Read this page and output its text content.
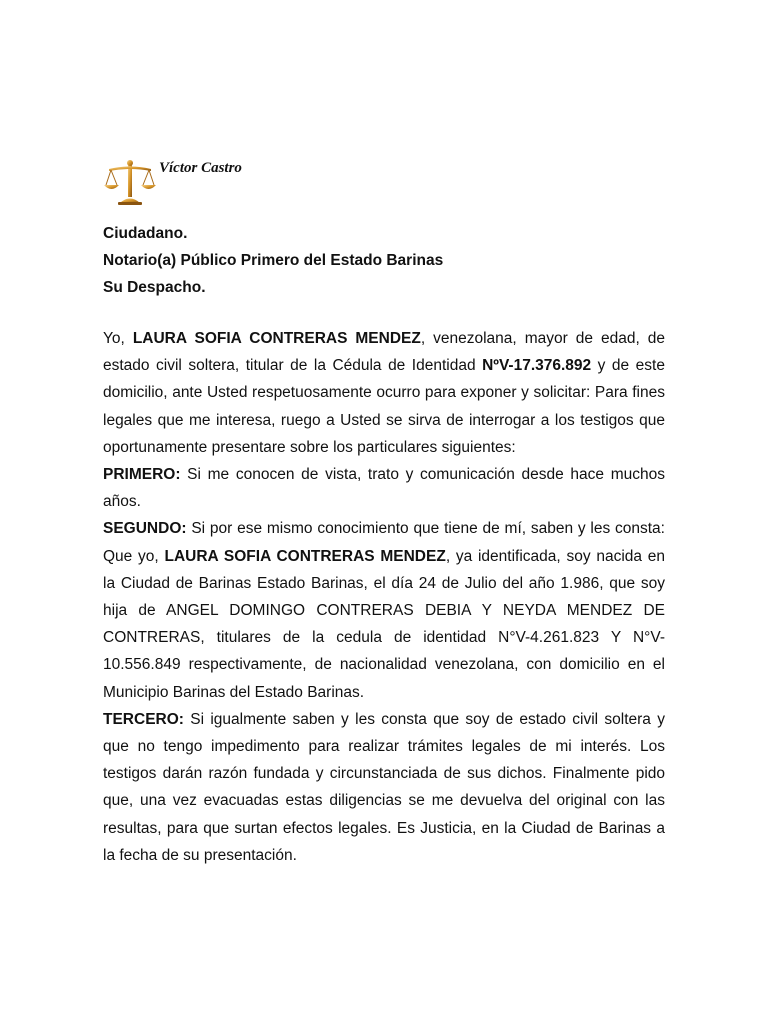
Víctor Castro
Ciudadano.
Notario(a) Público Primero del Estado Barinas
Su Despacho.

Yo, LAURA SOFIA CONTRERAS MENDEZ, venezolana, mayor de edad, de estado civil soltera, titular de la Cédula de Identidad NºV-17.376.892 y de este domicilio, ante Usted respetuosamente ocurro para exponer y solicitar: Para fines legales que me interesa, ruego a Usted se sirva de interrogar a los testigos que oportunamente presentare sobre los particulares siguientes:

PRIMERO: Si me conocen de vista, trato y comunicación desde hace muchos años.

SEGUNDO: Si por ese mismo conocimiento que tiene de mí, saben y les consta: Que yo, LAURA SOFIA CONTRERAS MENDEZ, ya identificada, soy nacida en la Ciudad de Barinas Estado Barinas, el día 24 de Julio del año 1.986, que soy hija de ANGEL DOMINGO CONTRERAS DEBIA Y NEYDA MENDEZ DE CONTRERAS, titulares de la cedula de identidad N°V-4.261.823 Y N°V-10.556.849 respectivamente, de nacionalidad venezolana, con domicilio en el Municipio Barinas del Estado Barinas.

TERCERO: Si igualmente saben y les consta que soy de estado civil soltera y que no tengo impedimento para realizar trámites legales de mi interés. Los testigos darán razón fundada y circunstanciada de sus dichos. Finalmente pido que, una vez evacuadas estas diligencias se me devuelva del original con las resultas, para que surtan efectos legales. Es Justicia, en la Ciudad de Barinas a la fecha de su presentación.
